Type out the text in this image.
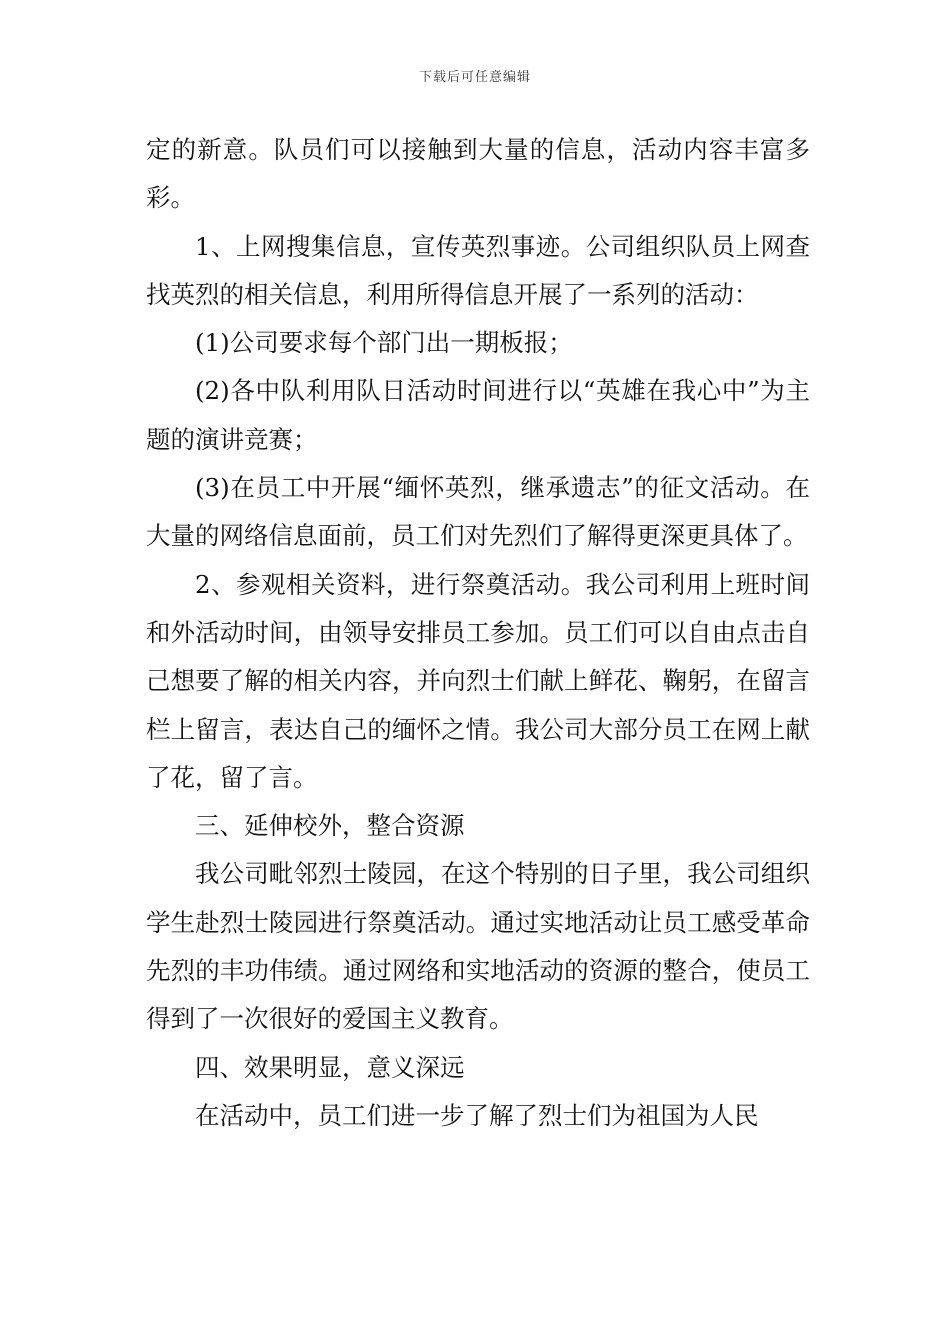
下载后可任意编辑

定的新意。队员们可以接触到大量的信息，活动内容丰富多彩。

1、上网搜集信息，宣传英烈事迹。公司组织队员上网查找英烈的相关信息，利用所得信息开展了一系列的活动：

(1)公司要求每个部门出一期板报；

(2)各中队利用队日活动时间进行以“英雄在我心中”为主题的演讲竞赛；

(3)在员工中开展“缅怀英烈，继承遗志”的征文活动。在大量的网络信息面前，员工们对先烈们了解得更深更具体了。

2、参观相关资料，进行祭奠活动。我公司利用上班时间和外活动时间，由领导安排员工参加。员工们可以自由点击自己想要了解的相关内容，并向烈士们献上鲜花、鞠躬，在留言栏上留言，表达自己的缅怀之情。我公司大部分员工在网上献了花，留了言。

三、延伸校外，整合资源

我公司毗邻烈士陵园，在这个特别的日子里，我公司组织学生赴烈士陵园进行祭奠活动。通过实地活动让员工感受革命先烈的丰功伟绩。通过网络和实地活动的资源的整合，使员工得到了一次很好的爱国主义教育。

四、效果明显，意义深远

在活动中，员工们进一步了解了烈士们为祖国为人民
